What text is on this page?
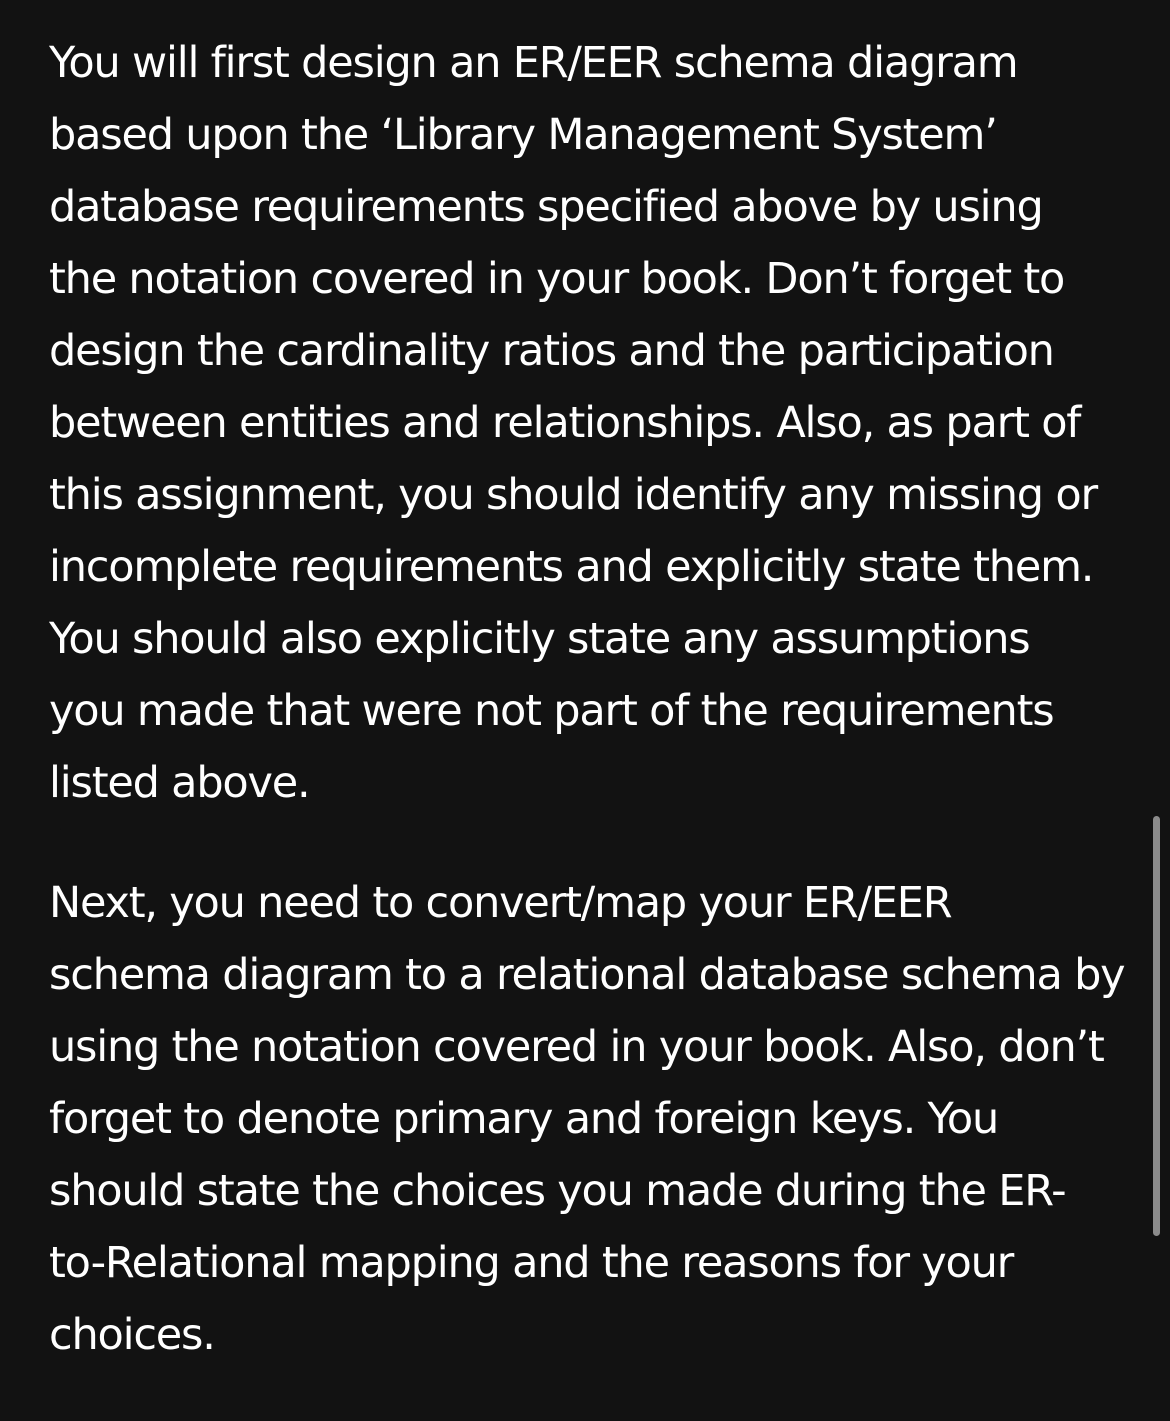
You will first design an ER/EER schema diagram
based upon the ‘Library Management System’
database requirements specified above by using
the notation covered in your book. Don’t forget to
design the cardinality ratios and the participation
between entities and relationships. Also, as part of
this assignment, you should identify any missing or
incomplete requirements and explicitly state them.
You should also explicitly state any assumptions
you made that were not part of the requirements
listed above.
Next, you need to convert/map your ER/EER
schema diagram to a relational database schema by
using the notation covered in your book. Also, don’t
forget to denote primary and foreign keys. You
should state the choices you made during the ER-
to-Relational mapping and the reasons for your
choices.
